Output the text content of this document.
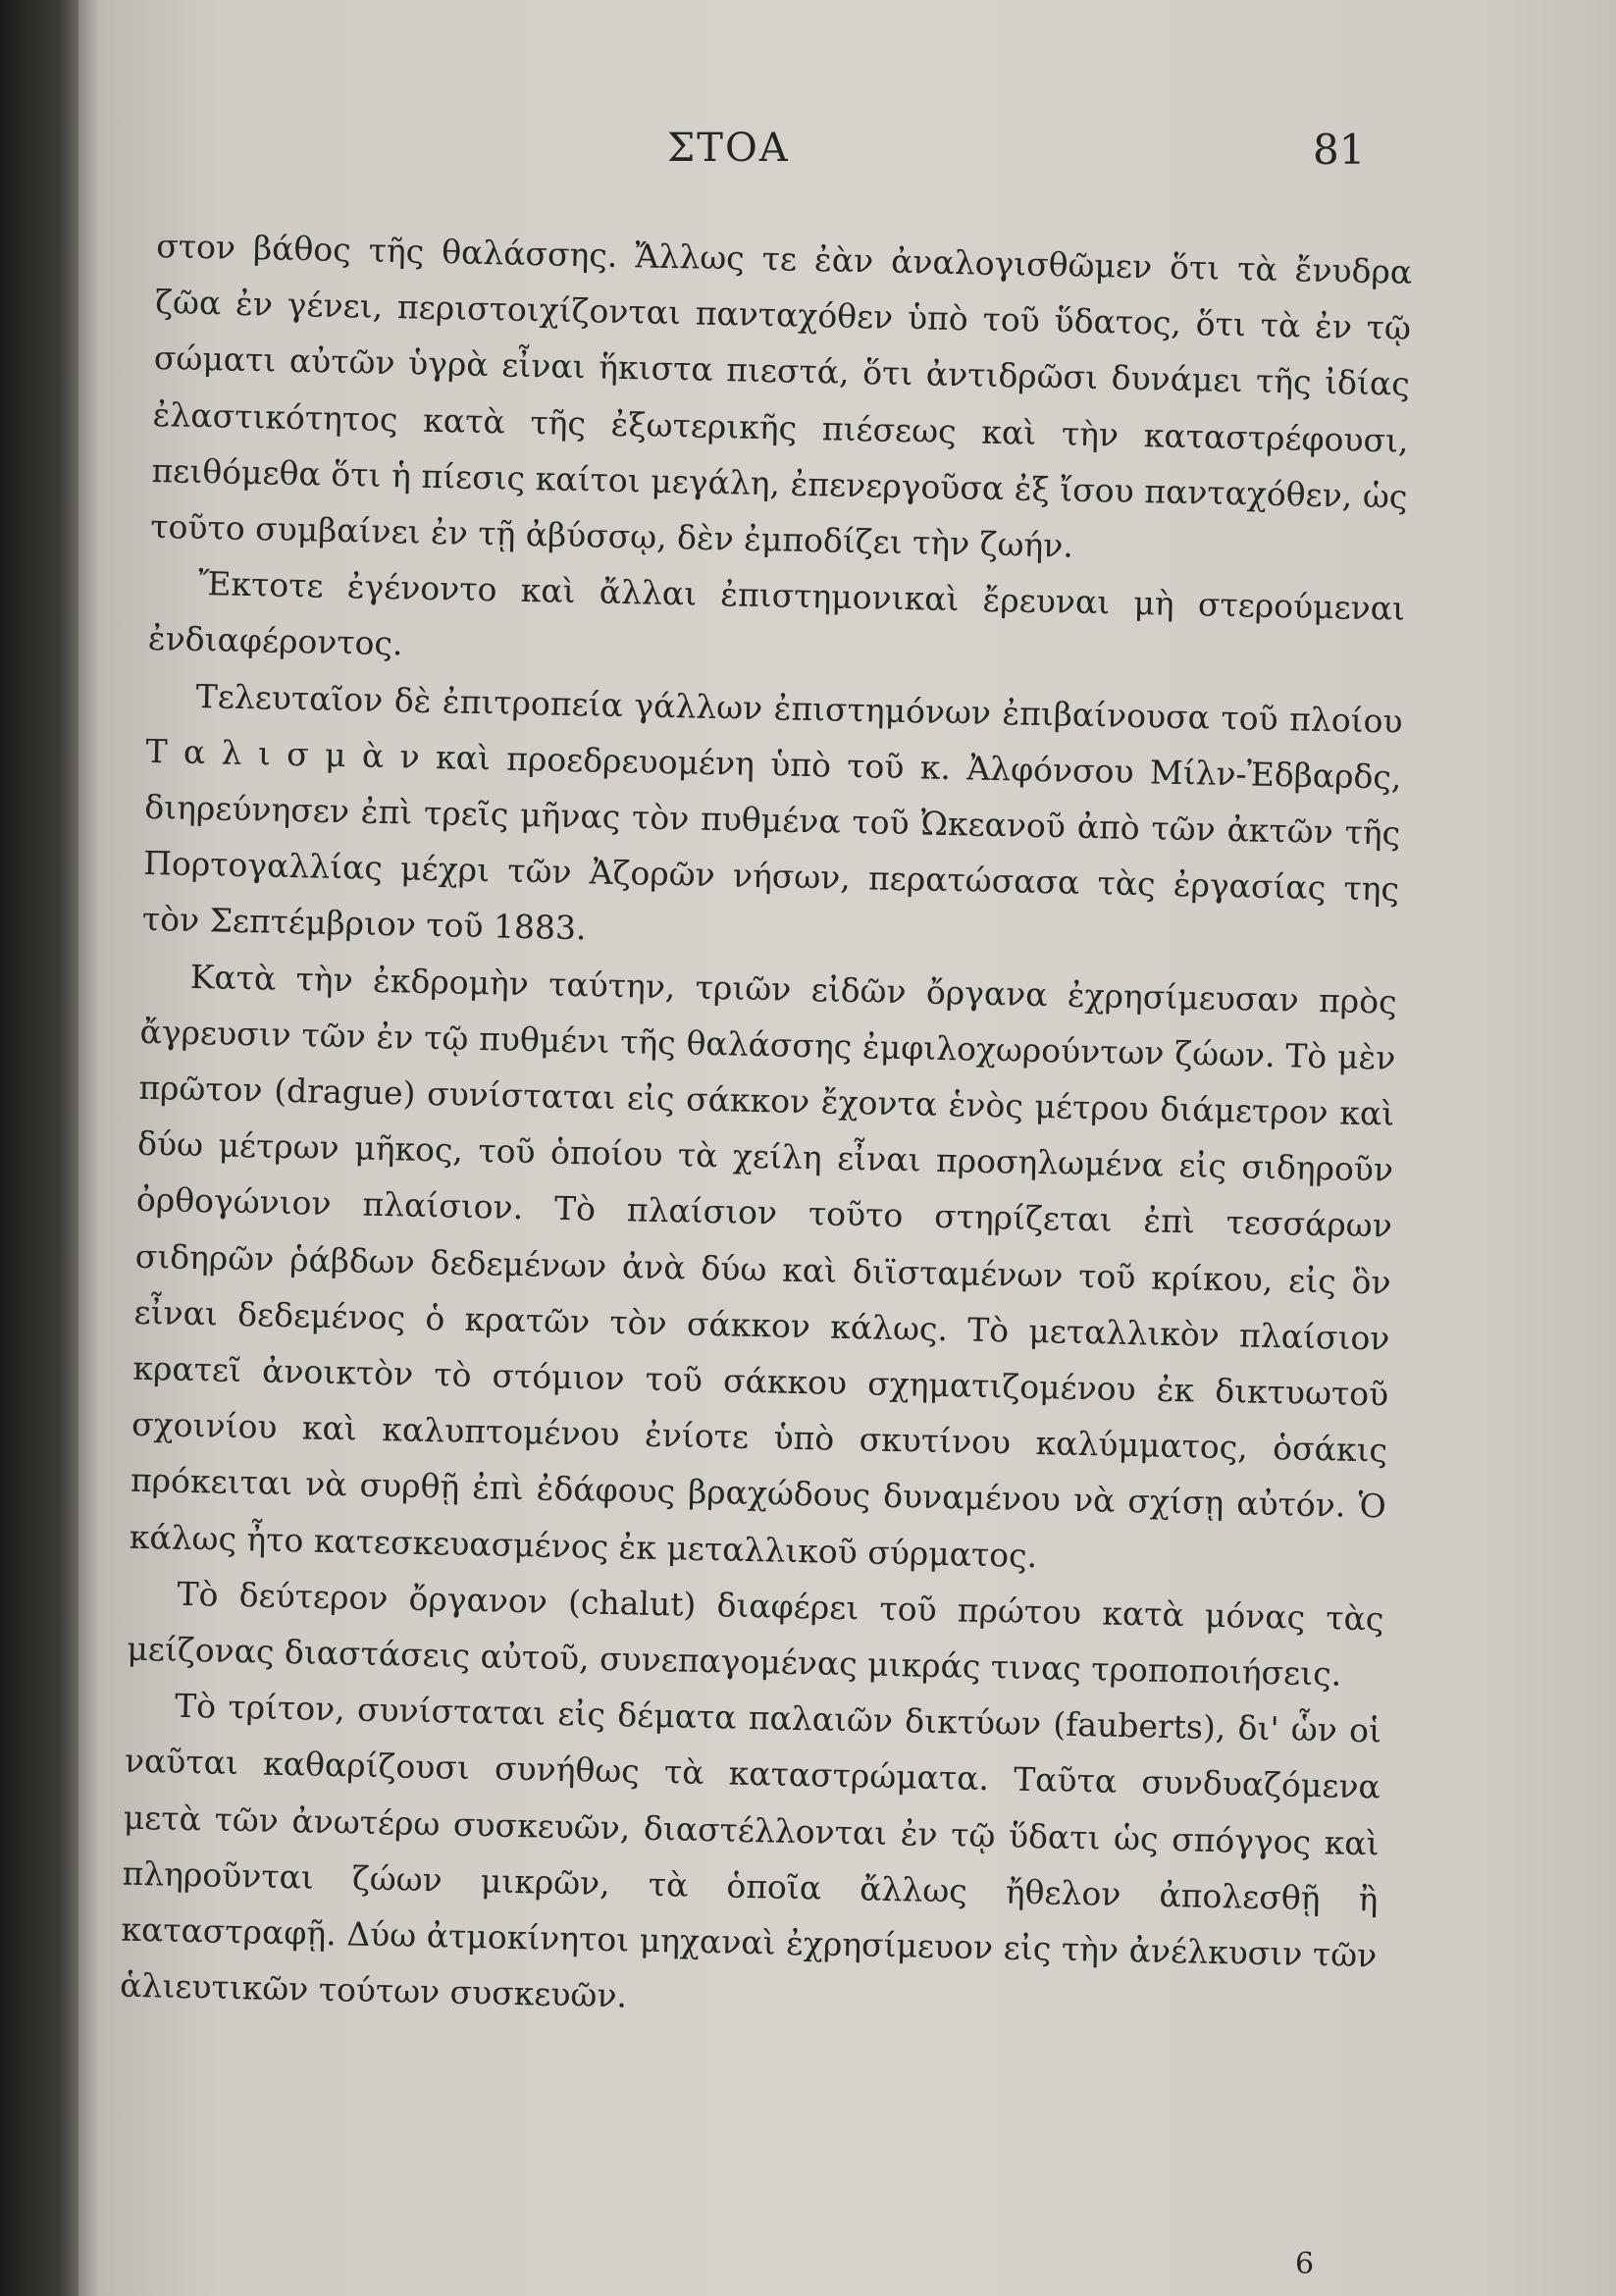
ΣΤΟΑ	81

στον βάθος τῆς θαλάσσης. Ἄλλως τε ἐὰν ἀναλογισθῶμεν ὅτι τὰ ἔνυδρα ζῶα ἐν γένει, περιστοιχίζονται πανταχόθεν ὑπὸ τοῦ ὕδατος, ὅτι τὰ ἐν τῷ σώματι αὐτῶν ὑγρὰ εἶναι ἥκιστα πιεστά, ὅτι ἀντιδρῶσι δυνάμει τῆς ἰδίας ἐλαστικότητος κατὰ τῆς ἐξωτερικῆς πιέσεως καὶ τὴν καταστρέφουσι, πειθόμεθα ὅτι ἡ πίεσις καίτοι μεγάλη, ἐπενεργοῦσα ἐξ ἴσου πανταχόθεν, ὡς τοῦτο συμβαίνει ἐν τῇ ἀβύσσῳ, δὲν ἐμποδίζει τὴν ζωήν.

Ἔκτοτε ἐγένοντο καὶ ἄλλαι ἐπιστημονικαὶ ἔρευναι μὴ στερούμεναι ἐνδιαφέροντος.

Τελευταῖον δὲ ἐπιτροπεία γάλλων ἐπιστημόνων ἐπιβαίνουσα τοῦ πλοίου Τ α λ ι σ μ ὰ ν καὶ προεδρευομένη ὑπὸ τοῦ κ. Ἀλφόνσου Μίλν-Ἐδβαρδς, διηρεύνησεν ἐπὶ τρεῖς μῆνας τὸν πυθμένα τοῦ Ὠκεανοῦ ἀπὸ τῶν ἀκτῶν τῆς Πορτογαλλίας μέχρι τῶν Ἀζορῶν νήσων, περατώσασα τὰς ἐργασίας της τὸν Σεπτέμβριον τοῦ 1883.

Κατὰ τὴν ἐκδρομὴν ταύτην, τριῶν εἰδῶν ὄργανα ἐχρησίμευσαν πρὸς ἄγρευσιν τῶν ἐν τῷ πυθμένι τῆς θαλάσσης ἐμφιλοχωρούντων ζώων. Τὸ μὲν πρῶτον (drague) συνίσταται εἰς σάκκον ἔχοντα ἑνὸς μέτρου διάμετρον καὶ δύω μέτρων μῆκος, τοῦ ὁποίου τὰ χείλη εἶναι προσηλωμένα εἰς σιδηροῦν ὀρθογώνιον πλαίσιον. Τὸ πλαίσιον τοῦτο στηρίζεται ἐπὶ τεσσάρων σιδηρῶν ῥάβδων δεδεμένων ἀνὰ δύω καὶ διϊσταμένων τοῦ κρίκου, εἰς ὃν εἶναι δεδεμένος ὁ κρατῶν τὸν σάκκον κάλως. Τὸ μεταλλικὸν πλαίσιον κρατεῖ ἀνοικτὸν τὸ στόμιον τοῦ σάκκου σχηματιζομένου ἐκ δικτυωτοῦ σχοινίου καὶ καλυπτομένου ἐνίοτε ὑπὸ σκυτίνου καλύμματος, ὁσάκις πρόκειται νὰ συρθῇ ἐπὶ ἐδάφους βραχώδους δυναμένου νὰ σχίσῃ αὐτόν. Ὁ κάλως ἦτο κατεσκευασμένος ἐκ μεταλλικοῦ σύρματος.

Τὸ δεύτερον ὄργανον (chalut) διαφέρει τοῦ πρώτου κατὰ μόνας τὰς μείζονας διαστάσεις αὐτοῦ, συνεπαγομένας μικράς τινας τροποποιήσεις.

Τὸ τρίτον, συνίσταται εἰς δέματα παλαιῶν δικτύων (fauberts), δι' ὧν οἱ ναῦται καθαρίζουσι συνήθως τὰ καταστρώματα. Ταῦτα συνδυαζόμενα μετὰ τῶν ἀνωτέρω συσκευῶν, διαστέλλονται ἐν τῷ ὕδατι ὡς σπόγγος καὶ πληροῦνται ζώων μικρῶν, τὰ ὁποῖα ἄλλως ἤθελον ἀπολεσθῇ ἢ καταστραφῇ. Δύω ἀτμοκίνητοι μηχαναὶ ἐχρησίμευον εἰς τὴν ἀνέλκυσιν τῶν ἁλιευτικῶν τούτων συσκευῶν.

6
